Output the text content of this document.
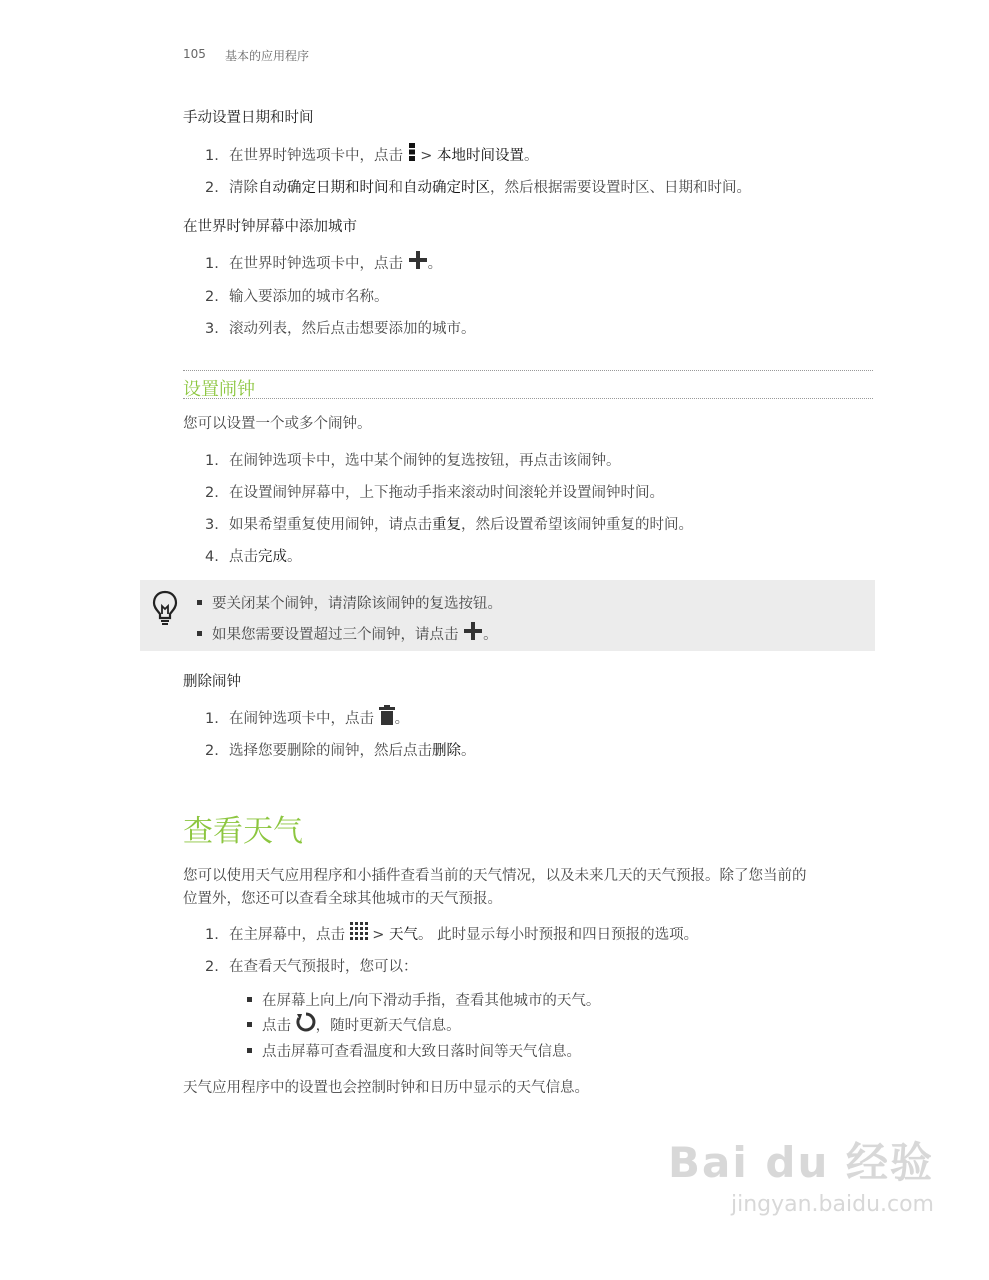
105 基本的应用程序
手动设置日期和时间
1. 在世界时钟选项卡中，点击  > 本地时间设置。
2. 清除自动确定日期和时间和自动确定时区，然后根据需要设置时区、日期和时间。
在世界时钟屏幕中添加城市
1. 在世界时钟选项卡中，点击 。
2. 输入要添加的城市名称。
3. 滚动列表，然后点击想要添加的城市。
设置闹钟
您可以设置一个或多个闹钟。
1. 在闹钟选项卡中，选中某个闹钟的复选按钮，再点击该闹钟。
2. 在设置闹钟屏幕中，上下拖动手指来滚动时间滚轮并设置闹钟时间。
3. 如果希望重复使用闹钟，请点击重复，然后设置希望该闹钟重复的时间。
4. 点击完成。
要关闭某个闹钟，请清除该闹钟的复选按钮。
如果您需要设置超过三个闹钟，请点击 。
删除闹钟
1. 在闹钟选项卡中，点击 。
2. 选择您要删除的闹钟，然后点击删除。
查看天气
您可以使用天气应用程序和小插件查看当前的天气情况，以及未来几天的天气预报。除了您当前的
位置外，您还可以查看全球其他城市的天气预报。
1. 在主屏幕中，点击  > 天气。 此时显示每小时预报和四日预报的选项。
2. 在查看天气预报时，您可以：
在屏幕上向上/向下滑动手指，查看其他城市的天气。
点击 ，随时更新天气信息。
点击屏幕可查看温度和大致日落时间等天气信息。
天气应用程序中的设置也会控制时钟和日历中显示的天气信息。
Bai du 经验
jingyan.baidu.com
